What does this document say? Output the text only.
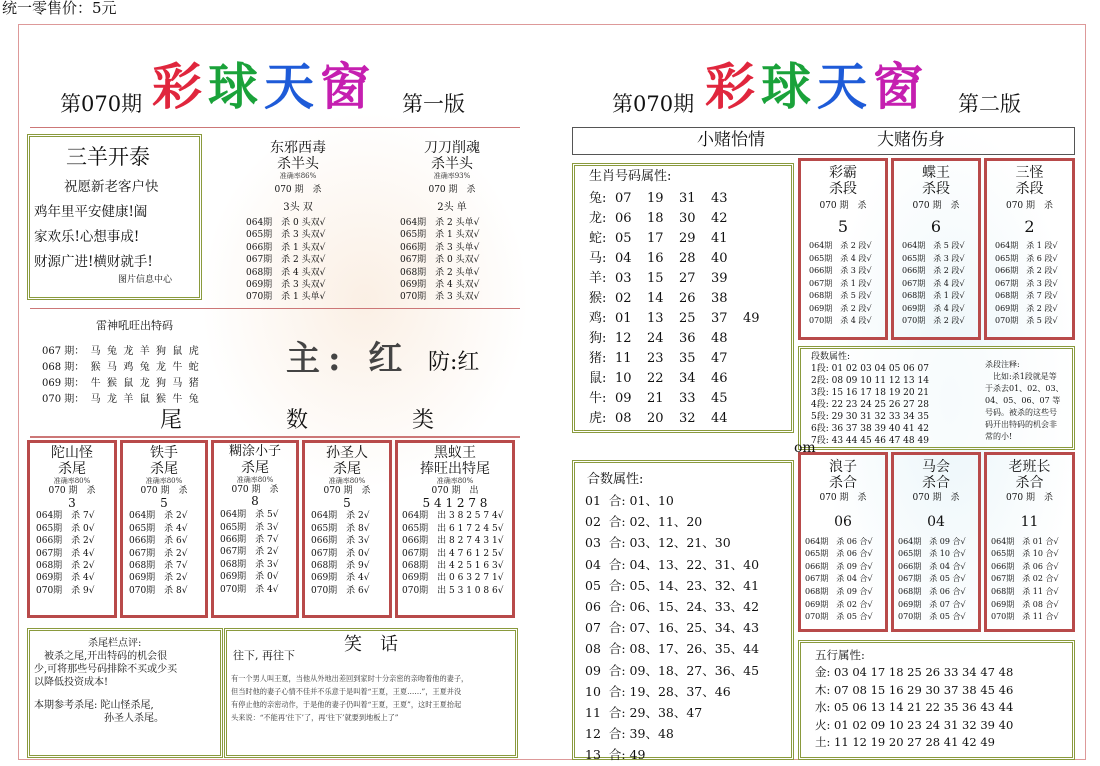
统一零售价：5元
第070期 彩球天窗 第一版	第070期 彩球天窗 第二版
三羊开泰
祝愿新老客户快
鸡年里平安健康!阖
家欢乐!心想事成!
财源广进!横财就手!
图片信息中心
东邪西毒
杀半头
准确率86%
070 期　杀
3头 双
064期　杀 0 头双√
065期　杀 3 头双√
066期　杀 1 头双√
067期　杀 2 头双√
068期　杀 4 头双√
069期　杀 3 头双√
070期　杀 1 头单√
刀刀削魂
杀半头
准确率93%
070 期　杀
2头 单
064期　杀 2 头单√
065期　杀 1 头双√
066期　杀 3 头单√
067期　杀 0 头双√
068期　杀 2 头单√
069期　杀 4 头双√
070期　杀 3 头双√
雷神吼旺出特码
067 期：  马  兔  龙  羊  狗  鼠  虎
068 期：  猴  马  鸡  兔  龙  牛  蛇
069 期：  牛  猴  鼠  龙  狗  马  猪
070 期：  马  龙  羊  鼠  猴  牛  兔
主: 红 防:红
尾  数  类
陀山怪
杀尾
准确率80%
070 期　杀
3
064期　杀 7√
065期　杀 0√
066期　杀 2√
067期　杀 4√
068期　杀 2√
069期　杀 4√
070期　杀 9√
铁手
杀尾
准确率80%
070 期　杀
5
064期　杀 2√
065期　杀 4√
066期　杀 6√
067期　杀 2√
068期　杀 7√
069期　杀 2√
070期　杀 8√
糊涂小子
杀尾
准确率80%
070 期　杀
8
064期　杀 5√
065期　杀 3√
066期　杀 7√
067期　杀 2√
068期　杀 3√
069期　杀 0√
070期　杀 4√
孙圣人
杀尾
准确率80%
070 期　杀
5
064期　杀 2√
065期　杀 8√
066期　杀 3√
067期　杀 0√
068期　杀 9√
069期　杀 4√
070期　杀 6√
黑蚁王
捧旺出特尾
准确率80%
070 期　出
5 4 1 2 7 8
064期　出 3 8 2 5 7 4√
065期　出 6 1 7 2 4 5√
066期　出 8 2 7 4 3 1√
067期　出 4 7 6 1 2 5√
068期　出 4 2 5 1 6 3√
069期　出 0 6 3 2 7 1√
070期　出 5 3 1 0 8 6√
杀尾栏点评:
　被杀之尾,开出特码的机会很
少,可将那些号码排除不买或少买
以降低投资成本!
本期参考杀尾: 陀山怪杀尾,
　　　　　　　孙圣人杀尾。
笑　话
往下, 再往下
有一个男人叫王夏，当他从外地出差回到家时十分亲密的亲吻着他的妻子，
但当时他的妻子心情不佳并不乐意于是叫着“王夏，王夏……”，王夏并没
有停止他的亲密动作，于是他的妻子仍叫着“王夏，王夏”，这时王夏抬起
头来说：“不能再‘往下’了，再‘往下’就要到地板上了”
小赌怡情	大赌伤身
生肖号码属性:
兔: 07 19 31 43
龙: 06 18 30 42
蛇: 05 17 29 41
马: 04 16 28 40
羊: 03 15 27 39
猴: 02 14 26 38
鸡: 01 13 25 37 49
狗: 12 24 36 48
猪: 11 23 35 47
鼠: 10 22 34 46
牛: 09 21 33 45
虎: 08 20 32 44
彩霸
杀段
070 期　杀
5
064期　杀 2 段√
065期　杀 4 段√
066期　杀 3 段√
067期　杀 1 段√
068期　杀 5 段√
069期　杀 2 段√
070期　杀 4 段√
蝶王
杀段
070 期　杀
6
064期　杀 5 段√
065期　杀 3 段√
066期　杀 2 段√
067期　杀 4 段√
068期　杀 1 段√
069期　杀 4 段√
070期　杀 2 段√
三怪
杀段
070 期　杀
2
064期　杀 1 段√
065期　杀 6 段√
066期　杀 2 段√
067期　杀 3 段√
068期　杀 7 段√
069期　杀 2 段√
070期　杀 5 段√
段数属性:
1段: 01 02 03 04 05 06 07
2段: 08 09 10 11 12 13 14
3段: 15 16 17 18 19 20 21
4段: 22 23 24 25 26 27 28
5段: 29 30 31 32 33 34 35
6段: 36 37 38 39 40 41 42
7段: 43 44 45 46 47 48 49
杀段注释:
　比如:杀1段就是等
于杀去01、02、03、
04、05、06、07 等
号码。被杀的这些号
码开出特码的机会非
常的小!
om
合数属性:
01  合: 01、10
02  合: 02、11、20
03  合: 03、12、21、30
04  合: 04、13、22、31、40
05  合: 05、14、23、32、41
06  合: 06、15、24、33、42
07  合: 07、16、25、34、43
08  合: 08、17、26、35、44
09  合: 09、18、27、36、45
10  合: 19、28、37、46
11  合: 29、38、47
12  合: 39、48
13  合: 49
浪子
杀合
070 期　杀
06
064期　杀 06 合√
065期　杀 06 合√
066期　杀 09 合√
067期　杀 04 合√
068期　杀 09 合√
069期　杀 02 合√
070期　杀 05 合√
马会
杀合
070 期　杀
04
064期　杀 09 合√
065期　杀 10 合√
066期　杀 04 合√
067期　杀 05 合√
068期　杀 06 合√
069期　杀 07 合√
070期　杀 05 合√
老班长
杀合
070 期　杀
11
064期　杀 01 合√
065期　杀 10 合√
066期　杀 06 合√
067期　杀 02 合√
068期　杀 11 合√
069期　杀 08 合√
070期　杀 11 合√
五行属性:
金: 03 04 17 18 25 26 33 34 47 48
木: 07 08 15 16 29 30 37 38 45 46
水: 05 06 13 14 21 22 35 36 43 44
火: 01 02 09 10 23 24 31 32 39 40
土: 11 12 19 20 27 28 41 42 49
